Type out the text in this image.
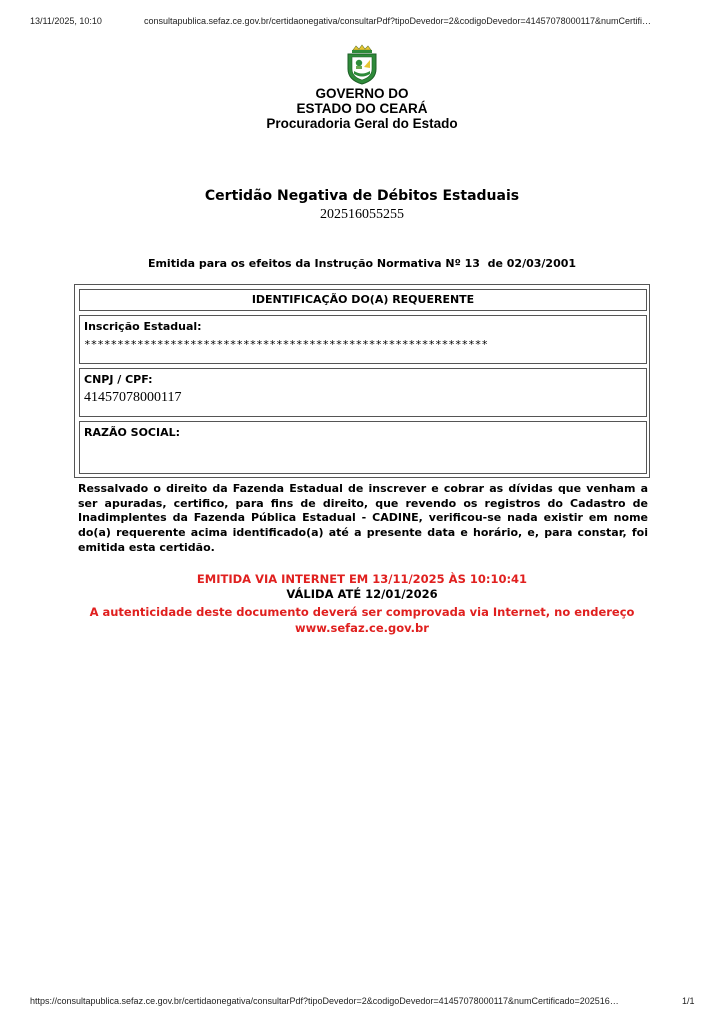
13/11/2025, 10:10	consultapublica.sefaz.ce.gov.br/certidaonegativa/consultarPdf?tipoDevedor=2&codigoDevedor=41457078000117&numCertifi…
GOVERNO DO
ESTADO DO CEARÁ
Procuradoria Geral do Estado
Certidão Negativa de Débitos Estaduais
202516055255
Emitida para os efeitos da Instrução Normativa Nº 13  de 02/03/2001
IDENTIFICAÇÃO DO(A) REQUERENTE
Inscrição Estadual:
*************************************************************
CNPJ / CPF:
41457078000117
RAZÃO SOCIAL:
Ressalvado o direito da Fazenda Estadual de inscrever e cobrar as dívidas que venham a ser apuradas, certifico, para fins de direito, que revendo os registros do Cadastro de Inadimplentes da Fazenda Pública Estadual - CADINE, verificou-se nada existir em nome do(a) requerente acima identificado(a) até a presente data e horário, e, para constar, foi emitida esta certidão.
EMITIDA VIA INTERNET EM 13/11/2025 ÀS 10:10:41
VÁLIDA ATÉ 12/01/2026
A autenticidade deste documento deverá ser comprovada via Internet, no endereço
www.sefaz.ce.gov.br
https://consultapublica.sefaz.ce.gov.br/certidaonegativa/consultarPdf?tipoDevedor=2&codigoDevedor=41457078000117&numCertificado=202516…	1/1
